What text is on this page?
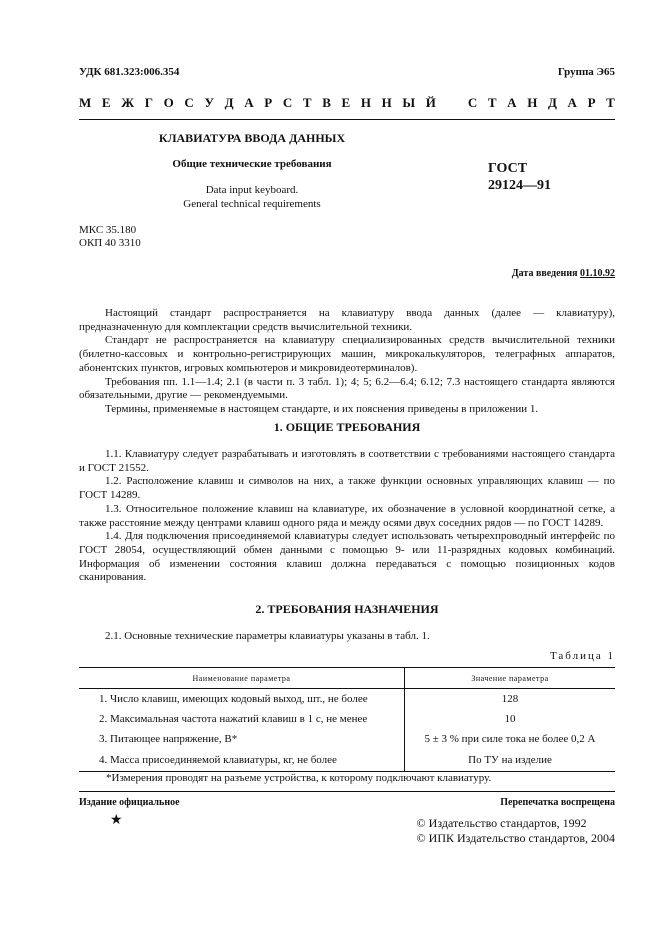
УДК 681.323:006.354	Группа Э65
М Е Ж Г О С У Д А Р С Т В Е Н Н Ы Й С Т А Н Д А Р Т
КЛАВИАТУРА ВВОДА ДАННЫХ
Общие технические требования
Data input keyboard.
General technical requirements
ГОСТ
29124—91
МКС 35.180
ОКП 40 3310
Дата введения 01.10.92

Настоящий стандарт распространяется на клавиатуру ввода данных (далее — клавиатуру), предназначенную для комплектации средств вычислительной техники.

Стандарт не распространяется на клавиатуру специализированных средств вычислительной техники (билетно-кассовых и контрольно-регистрирующих машин, микрокалькуляторов, телеграфных аппаратов, абонентских пунктов, игровых компьютеров и микровидеотерминалов).

Требования пп. 1.1—1.4; 2.1 (в части п. 3 табл. 1); 4; 5; 6.2—6.4; 6.12; 7.3 настоящего стандарта являются обязательными, другие — рекомендуемыми.

Термины, применяемые в настоящем стандарте, и их пояснения приведены в приложении 1.

1. ОБЩИЕ ТРЕБОВАНИЯ

1.1. Клавиатуру следует разрабатывать и изготовлять в соответствии с требованиями настоящего стандарта и ГОСТ 21552.

1.2. Расположение клавиш и символов на них, а также функции основных управляющих клавиш — по ГОСТ 14289.

1.3. Относительное положение клавиш на клавиатуре, их обозначение в условной координатной сетке, а также расстояние между центрами клавиш одного ряда и между осями двух соседних рядов — по ГОСТ 14289.

1.4. Для подключения присоединяемой клавиатуры следует использовать четырехпроводный интерфейс по ГОСТ 28054, осуществляющий обмен данными с помощью 9- или 11-разрядных кодовых комбинаций. Информация об изменении состояния клавиш должна передаваться с помощью позиционных кодов сканирования.

2. ТРЕБОВАНИЯ НАЗНАЧЕНИЯ
2.1. Основные технические параметры клавиатуры указаны в табл. 1.
Таблица 1
Наименование параметра	Значение параметра
1. Число клавиш, имеющих кодовый выход, шт., не более	128
2. Максимальная частота нажатий клавиш в 1 с, не менее	10
3. Питающее напряжение, В*	5 ± 3 % при силе тока не более 0,2 А
4. Масса присоединяемой клавиатуры, кг, не более	По ТУ на изделие
*Измерения проводят на разъеме устройства, к которому подключают клавиатуру.
Издание официальное	Перепечатка воспрещена
★	© Издательство стандартов, 1992
© ИПК Издательство стандартов, 2004
